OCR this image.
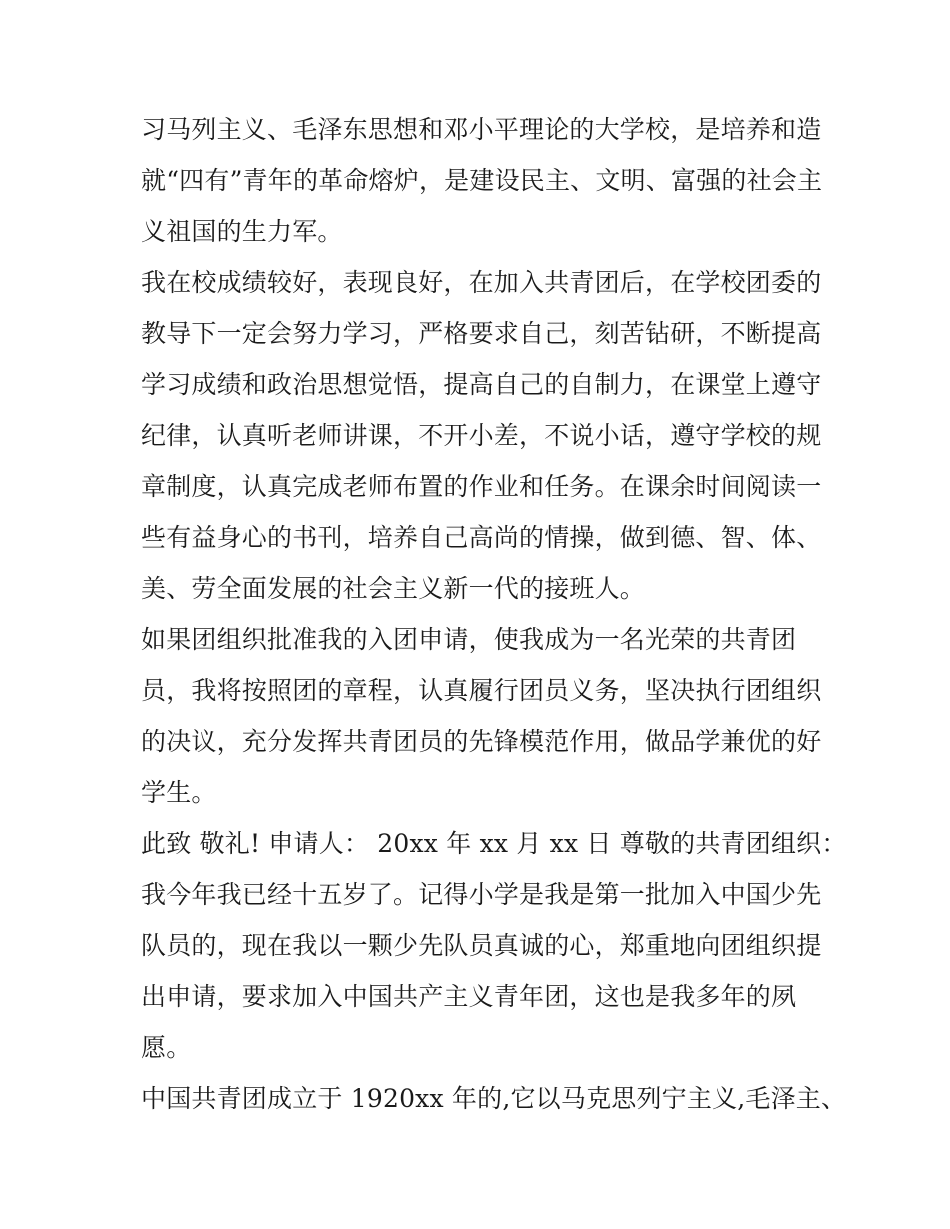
习马列主义、毛泽东思想和邓小平理论的大学校，是培养和造
就“四有”青年的革命熔炉，是建设民主、文明、富强的社会主
义祖国的生力军。
我在校成绩较好，表现良好，在加入共青团后，在学校团委的
教导下一定会努力学习，严格要求自己，刻苦钻研，不断提高
学习成绩和政治思想觉悟，提高自己的自制力，在课堂上遵守
纪律，认真听老师讲课，不开小差，不说小话，遵守学校的规
章制度，认真完成老师布置的作业和任务。在课余时间阅读一
些有益身心的书刊，培养自己高尚的情操，做到德、智、体、
美、劳全面发展的社会主义新一代的接班人。
如果团组织批准我的入团申请，使我成为一名光荣的共青团
员，我将按照团的章程，认真履行团员义务，坚决执行团组织
的决议，充分发挥共青团员的先锋模范作用，做品学兼优的好
学生。
此致 敬礼! 申请人： 20xx 年 xx 月 xx 日 尊敬的共青团组织：
我今年我已经十五岁了。记得小学是我是第一批加入中国少先
队员的，现在我以一颗少先队员真诚的心，郑重地向团组织提
出申请，要求加入中国共产主义青年团，这也是我多年的夙
愿。
中国共青团成立于 1920xx 年的,它以马克思列宁主义,毛泽主、
